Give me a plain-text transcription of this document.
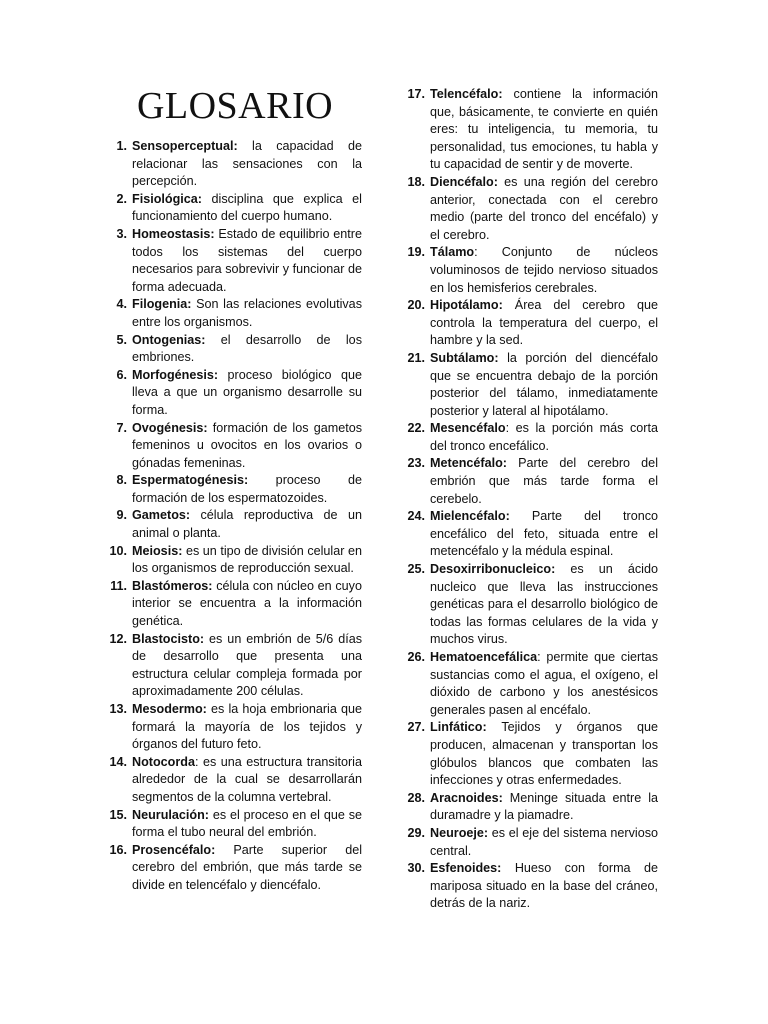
GLOSARIO
1. Sensoperceptual: la capacidad de relacionar las sensaciones con la percepción.
2. Fisiológica: disciplina que explica el funcionamiento del cuerpo humano.
3. Homeostasis: Estado de equilibrio entre todos los sistemas del cuerpo necesarios para sobrevivir y funcionar de forma adecuada.
4. Filogenia: Son las relaciones evolutivas entre los organismos.
5. Ontogenias: el desarrollo de los embriones.
6. Morfogénesis: proceso biológico que lleva a que un organismo desarrolle su forma.
7. Ovogénesis: formación de los gametos femeninos u ovocitos en los ovarios o gónadas femeninas.
8. Espermatogénesis: proceso de formación de los espermatozoides.
9. Gametos: célula reproductiva de un animal o planta.
10. Meiosis: es un tipo de división celular en los organismos de reproducción sexual.
11. Blastómeros: célula con núcleo en cuyo interior se encuentra a la información genética.
12. Blastocisto: es un embrión de 5/6 días de desarrollo que presenta una estructura celular compleja formada por aproximadamente 200 células.
13. Mesodermo: es la hoja embrionaria que formará la mayoría de los tejidos y órganos del futuro feto.
14. Notocorda: es una estructura transitoria alrededor de la cual se desarrollarán segmentos de la columna vertebral.
15. Neurulación: es el proceso en el que se forma el tubo neural del embrión.
16. Prosencéfalo: Parte superior del cerebro del embrión, que más tarde se divide en telencéfalo y diencéfalo.
17. Telencéfalo: contiene la información que, básicamente, te convierte en quién eres: tu inteligencia, tu memoria, tu personalidad, tus emociones, tu habla y tu capacidad de sentir y de moverte.
18. Diencéfalo: es una región del cerebro anterior, conectada con el cerebro medio (parte del tronco del encéfalo) y el cerebro.
19. Tálamo: Conjunto de núcleos voluminosos de tejido nervioso situados en los hemisferios cerebrales.
20. Hipotálamo: Área del cerebro que controla la temperatura del cuerpo, el hambre y la sed.
21. Subtálamo: la porción del diencéfalo que se encuentra debajo de la porción posterior del tálamo, inmediatamente posterior y lateral al hipotálamo.
22. Mesencéfalo: es la porción más corta del tronco encefálico.
23. Metencéfalo: Parte del cerebro del embrión que más tarde forma el cerebelo.
24. Mielencéfalo: Parte del tronco encefálico del feto, situada entre el metencéfalo y la médula espinal.
25. Desoxirribonucleico: es un ácido nucleico que lleva las instrucciones genéticas para el desarrollo biológico de todas las formas celulares de la vida y muchos virus.
26. Hematoencefálica: permite que ciertas sustancias como el agua, el oxígeno, el dióxido de carbono y los anestésicos generales pasen al encéfalo.
27. Linfático: Tejidos y órganos que producen, almacenan y transportan los glóbulos blancos que combaten las infecciones y otras enfermedades.
28. Aracnoides: Meninge situada entre la duramadre y la piamadre.
29. Neuroeje: es el eje del sistema nervioso central.
30. Esfenoides: Hueso con forma de mariposa situado en la base del cráneo, detrás de la nariz.
